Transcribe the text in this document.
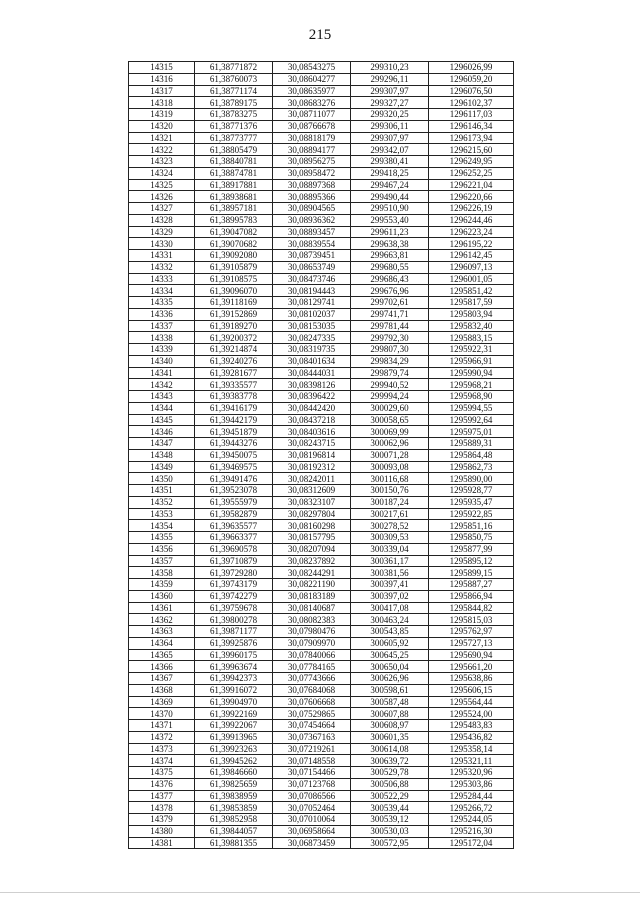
215
14315	61,38771872	30,08543275	299310,23	1296026,99
14316	61,38760073	30,08604277	299296,11	1296059,20
14317	61,38771174	30,08635977	299307,97	1296076,50
14318	61,38789175	30,08683276	299327,27	1296102,37
14319	61,38783275	30,08711077	299320,25	1296117,03
14320	61,38771376	30,08766678	299306,11	1296146,34
14321	61,38773777	30,08818179	299307,97	1296173,94
14322	61,38805479	30,08894177	299342,07	1296215,60
14323	61,38840781	30,08956275	299380,41	1296249,95
14324	61,38874781	30,08958472	299418,25	1296252,25
14325	61,38917881	30,08897368	299467,24	1296221,04
14326	61,38938681	30,08895366	299490,44	1296220,66
14327	61,38957181	30,08904565	299510,90	1296226,19
14328	61,38995783	30,08936362	299553,40	1296244,46
14329	61,39047082	30,08893457	299611,23	1296223,24
14330	61,39070682	30,08839554	299638,38	1296195,22
14331	61,39092080	30,08739451	299663,81	1296142,45
14332	61,39105879	30,08653749	299680,55	1296097,13
14333	61,39108575	30,08473746	299686,43	1296001,05
14334	61,39096070	30,08194443	299676,96	1295851,42
14335	61,39118169	30,08129741	299702,61	1295817,59
14336	61,39152869	30,08102037	299741,71	1295803,94
14337	61,39189270	30,08153035	299781,44	1295832,40
14338	61,39200372	30,08247335	299792,30	1295883,15
14339	61,39214874	30,08319735	299807,30	1295922,31
14340	61,39240276	30,08401634	299834,29	1295966,91
14341	61,39281677	30,08444031	299879,74	1295990,94
14342	61,39335577	30,08398126	299940,52	1295968,21
14343	61,39383778	30,08396422	299994,24	1295968,90
14344	61,39416179	30,08442420	300029,60	1295994,55
14345	61,39442179	30,08437218	300058,65	1295992,64
14346	61,39451879	30,08403616	300069,99	1295975,01
14347	61,39443276	30,08243715	300062,96	1295889,31
14348	61,39450075	30,08196814	300071,28	1295864,48
14349	61,39469575	30,08192312	300093,08	1295862,73
14350	61,39491476	30,08242011	300116,68	1295890,00
14351	61,39523078	30,08312609	300150,76	1295928,77
14352	61,39555979	30,08323107	300187,24	1295935,47
14353	61,39582879	30,08297804	300217,61	1295922,85
14354	61,39635577	30,08160298	300278,52	1295851,16
14355	61,39663377	30,08157795	300309,53	1295850,75
14356	61,39690578	30,08207094	300339,04	1295877,99
14357	61,39710879	30,08237892	300361,17	1295895,12
14358	61,39729280	30,08244291	300381,56	1295899,15
14359	61,39743179	30,08221190	300397,41	1295887,27
14360	61,39742279	30,08183189	300397,02	1295866,94
14361	61,39759678	30,08140687	300417,08	1295844,82
14362	61,39800278	30,08082383	300463,24	1295815,03
14363	61,39871177	30,07980476	300543,85	1295762,97
14364	61,39925876	30,07909970	300605,92	1295727,13
14365	61,39960175	30,07840066	300645,25	1295690,94
14366	61,39963674	30,07784165	300650,04	1295661,20
14367	61,39942373	30,07743666	300626,96	1295638,86
14368	61,39916072	30,07684068	300598,61	1295606,15
14369	61,39904970	30,07606668	300587,48	1295564,44
14370	61,39922169	30,07529865	300607,88	1295524,00
14371	61,39922067	30,07454664	300608,97	1295483,83
14372	61,39913965	30,07367163	300601,35	1295436,82
14373	61,39923263	30,07219261	300614,08	1295358,14
14374	61,39945262	30,07148558	300639,72	1295321,11
14375	61,39846660	30,07154466	300529,78	1295320,96
14376	61,39825659	30,07123768	300506,88	1295303,86
14377	61,39838959	30,07086566	300522,29	1295284,44
14378	61,39853859	30,07052464	300539,44	1295266,72
14379	61,39852958	30,07010064	300539,12	1295244,05
14380	61,39844057	30,06958664	300530,03	1295216,30
14381	61,39881355	30,06873459	300572,95	1295172,04
